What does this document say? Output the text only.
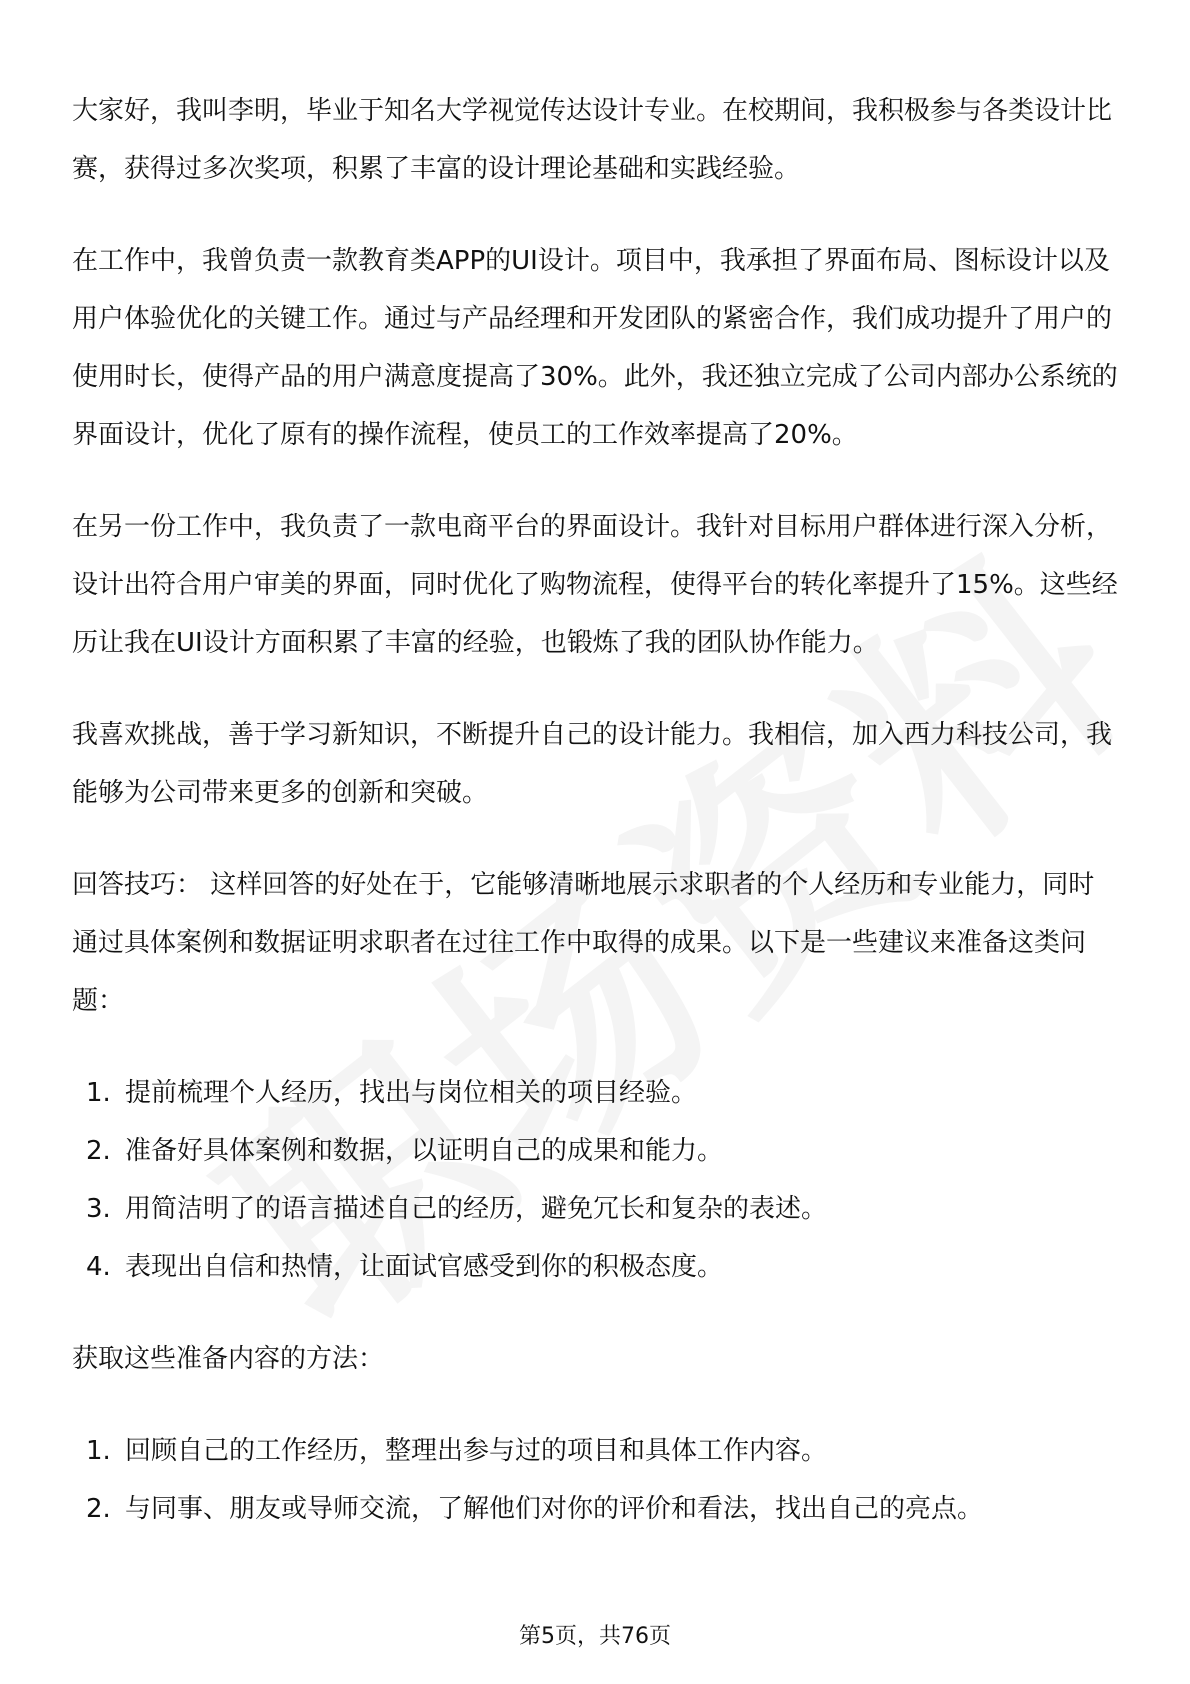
大家好，我叫李明，毕业于知名大学视觉传达设计专业。在校期间，我积极参与各类设计比赛，获得过多次奖项，积累了丰富的设计理论基础和实践经验。

在工作中，我曾负责一款教育类APP的UI设计。项目中，我承担了界面布局、图标设计以及用户体验优化的关键工作。通过与产品经理和开发团队的紧密合作，我们成功提升了用户的使用时长，使得产品的用户满意度提高了30%。此外，我还独立完成了公司内部办公系统的界面设计，优化了原有的操作流程，使员工的工作效率提高了20%。

在另一份工作中，我负责了一款电商平台的界面设计。我针对目标用户群体进行深入分析，设计出符合用户审美的界面，同时优化了购物流程，使得平台的转化率提升了15%。这些经历让我在UI设计方面积累了丰富的经验，也锻炼了我的团队协作能力。

我喜欢挑战，善于学习新知识，不断提升自己的设计能力。我相信，加入西力科技公司，我能够为公司带来更多的创新和突破。

回答技巧： 这样回答的好处在于，它能够清晰地展示求职者的个人经历和专业能力，同时通过具体案例和数据证明求职者在过往工作中取得的成果。以下是一些建议来准备这类问题：

1. 提前梳理个人经历，找出与岗位相关的项目经验。
2. 准备好具体案例和数据，以证明自己的成果和能力。
3. 用简洁明了的语言描述自己的经历，避免冗长和复杂的表述。
4. 表现出自信和热情，让面试官感受到你的积极态度。

获取这些准备内容的方法：

1. 回顾自己的工作经历，整理出参与过的项目和具体工作内容。
2. 与同事、朋友或导师交流，了解他们对你的评价和看法，找出自己的亮点。
第5页，共76页
